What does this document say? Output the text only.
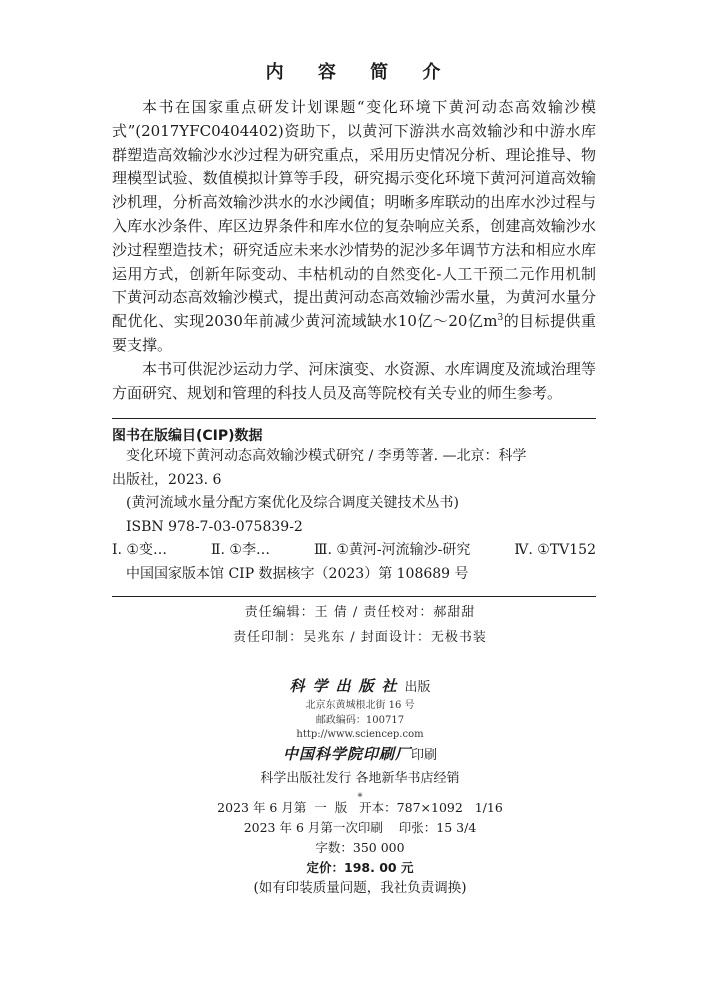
内 容 简 介

本书在国家重点研发计划课题“变化环境下黄河动态高效输沙模式”(2017YFC0404402)资助下，以黄河下游洪水高效输沙和中游水库群塑造高效输沙水沙过程为研究重点，采用历史情况分析、理论推导、物理模型试验、数值模拟计算等手段，研究揭示变化环境下黄河河道高效输沙机理，分析高效输沙洪水的水沙阈值；明晰多库联动的出库水沙过程与入库水沙条件、库区边界条件和库水位的复杂响应关系，创建高效输沙水沙过程塑造技术；研究适应未来水沙情势的泥沙多年调节方法和相应水库运用方式，创新年际变动、丰枯机动的自然变化-人工干预二元作用机制下黄河动态高效输沙模式，提出黄河动态高效输沙需水量，为黄河水量分配优化、实现2030年前减少黄河流域缺水10亿～20亿$m^3$的目标提供重要支撑。

本书可供泥沙运动力学、河床演变、水资源、水库调度及流域治理等方面研究、规划和管理的科技人员及高等院校有关专业的师生参考。

图书在版编目(CIP)数据
变化环境下黄河动态高效输沙模式研究 / 李勇等著. —北京：科学
出版社，2023. 6
(黄河流域水量分配方案优化及综合调度关键技术丛书)
ISBN 978-7-03-075839-2
Ⅰ. ①变…	Ⅱ. ①李…	Ⅲ. ①黄河-河流输沙-研究	Ⅳ. ①TV152
中国国家版本馆 CIP 数据核字（2023）第 108689 号
责任编辑：王 倩 / 责任校对：郝甜甜
责任印制：吴兆东 / 封面设计：无极书装
科学出版社出版
北京东黄城根北街 16 号
邮政编码：100717
http://www.sciencep.com
中国科学院印刷厂印刷
科学出版社发行 各地新华书店经销
*
2023 年 6 月第  一  版   开本：787×1092   1/16
2023 年 6 月第一次印刷    印张：15 3/4
字数：350 000
定价：198. 00 元
(如有印装质量问题，我社负责调换)
